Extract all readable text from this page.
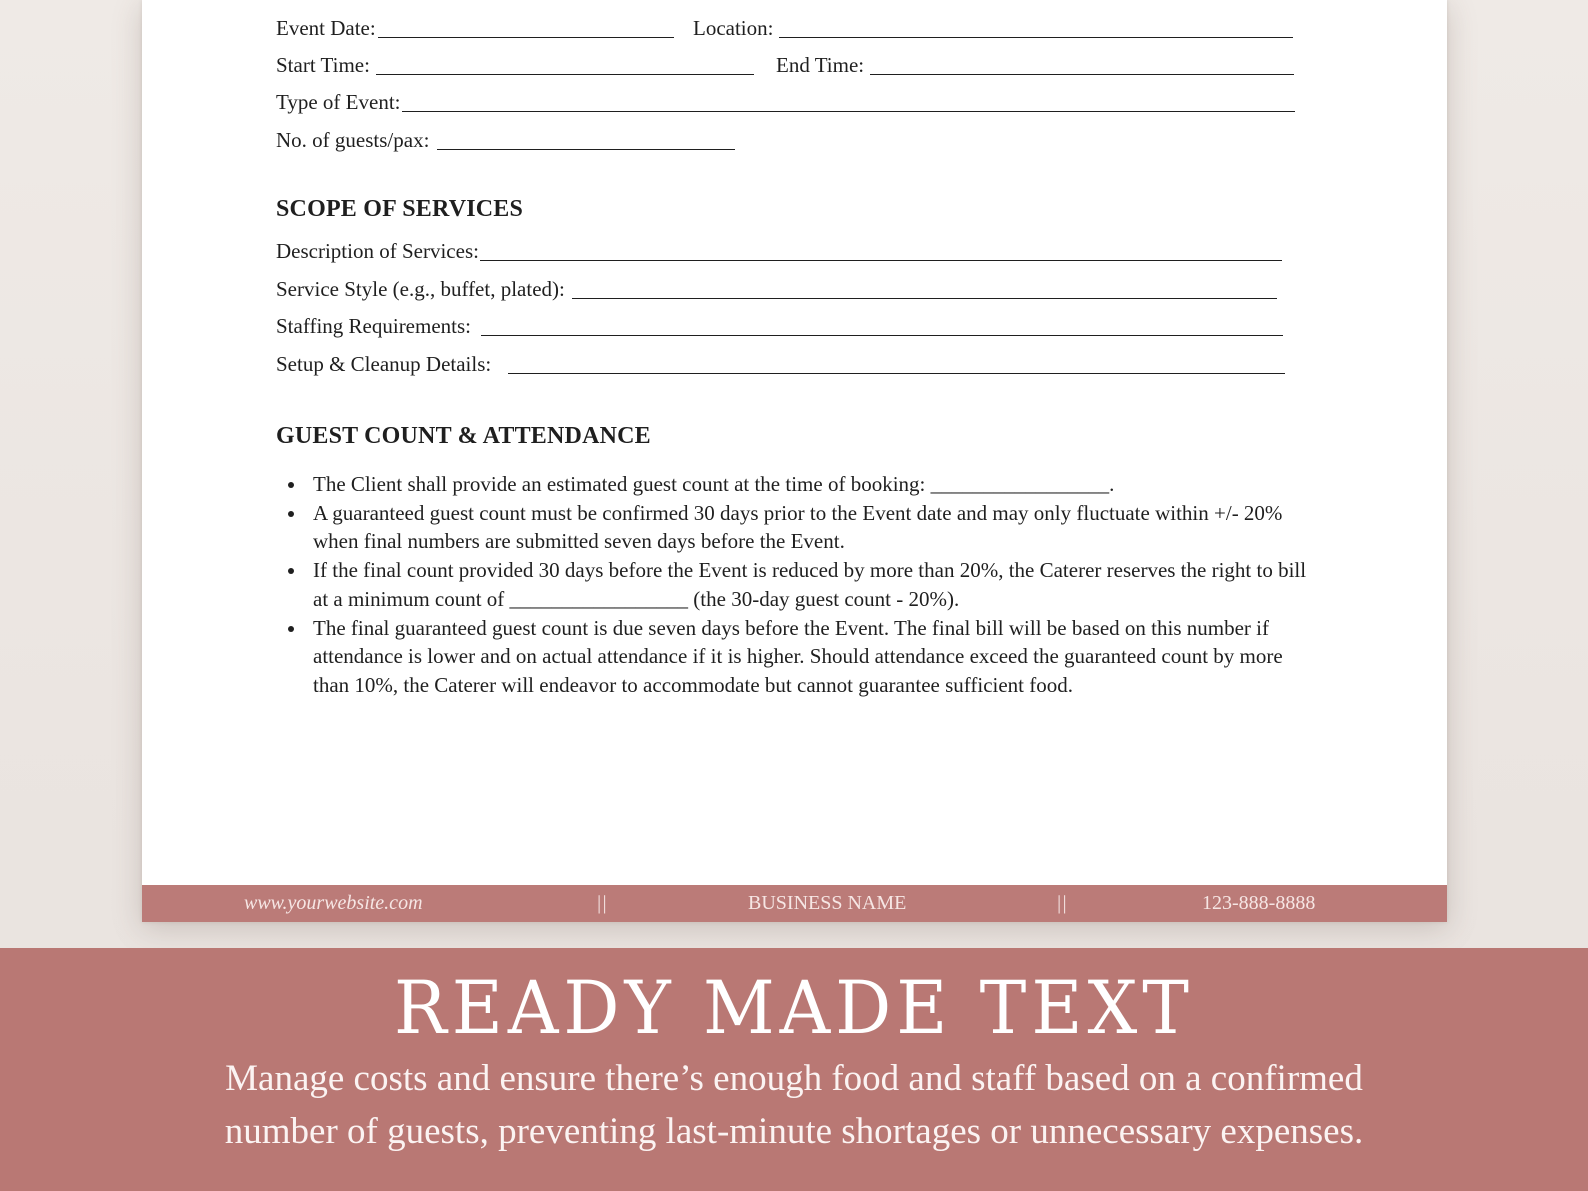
Event Date:	Location:
Start Time:	End Time:
Type of Event:
No. of guests/pax:
SCOPE OF SERVICES
Description of Services:
Service Style (e.g., buffet, plated):
Staffing Requirements:
Setup & Cleanup Details:
GUEST COUNT & ATTENDANCE
The Client shall provide an estimated guest count at the time of booking: _________________.
A guaranteed guest count must be confirmed 30 days prior to the Event date and may only fluctuate within +/- 20% when final numbers are submitted seven days before the Event.
If the final count provided 30 days before the Event is reduced by more than 20%, the Caterer reserves the right to bill at a minimum count of _________________ (the 30-day guest count - 20%).
The final guaranteed guest count is due seven days before the Event. The final bill will be based on this number if attendance is lower and on actual attendance if it is higher. Should attendance exceed the guaranteed count by more than 10%, the Caterer will endeavor to accommodate but cannot guarantee sufficient food.
www.yourwebsite.com	||	BUSINESS NAME	||	123-888-8888
READY MADE TEXT
Manage costs and ensure there’s enough food and staff based on a confirmed
number of guests, preventing last-minute shortages or unnecessary expenses.
